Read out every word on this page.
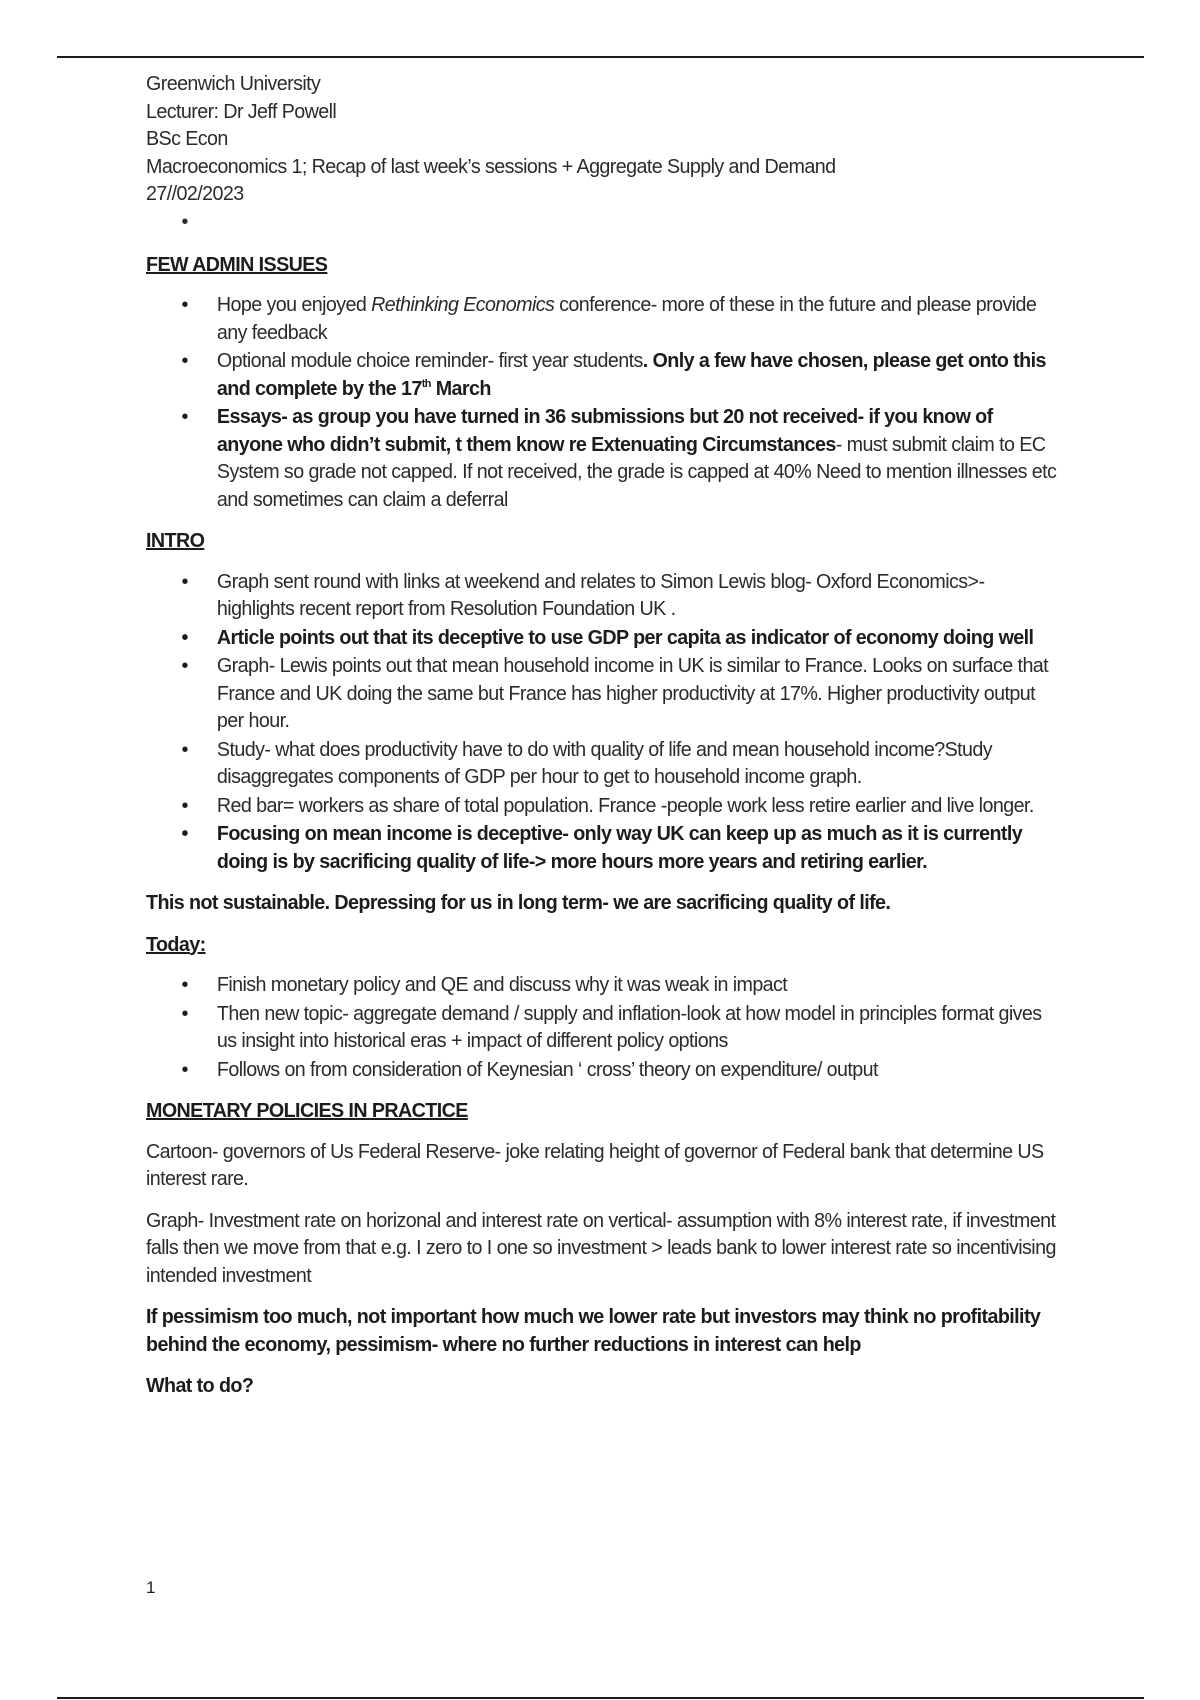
Greenwich University

Lecturer: Dr Jeff Powell

BSc Econ

Macroeconomics 1; Recap of last week’s sessions + Aggregate Supply and Demand

27//02/2023

•

FEW ADMIN ISSUES

• Hope you enjoyed Rethinking Economics conference- more of these in the future and please provide any feedback
• Optional module choice reminder- first year students. Only a few have chosen, please get onto this and complete by the 17th March
• Essays- as group you have turned in 36 submissions but 20 not received- if you know of anyone who didn’t submit, t them know re Extenuating Circumstances- must submit claim to EC System so grade not capped. If not received, the grade is capped at 40% Need to mention illnesses etc and sometimes can claim a deferral

INTRO

• Graph sent round with links at weekend and relates to Simon Lewis blog- Oxford Economics>- highlights recent report from Resolution Foundation UK .
• Article points out that its deceptive to use GDP per capita as indicator of economy doing well
• Graph- Lewis points out that mean household income in UK is similar to France. Looks on surface that France and UK doing the same but France has higher productivity at 17%. Higher productivity output per hour.
• Study- what does productivity have to do with quality of life and mean household income?Study disaggregates components of GDP per hour to get to household income graph.
• Red bar= workers as share of total population. France -people work less retire earlier and live longer.
• Focusing on mean income is deceptive- only way UK can keep up as much as it is currently doing is by sacrificing quality of life-> more hours more years and retiring earlier.

This not sustainable. Depressing for us in long term- we are sacrificing quality of life.

Today:

• Finish monetary policy and QE and discuss why it was weak in impact
• Then new topic- aggregate demand / supply and inflation-look at how model in principles format gives us insight into historical eras + impact of different policy options
• Follows on from consideration of Keynesian ‘ cross’ theory on expenditure/ output

MONETARY POLICIES IN PRACTICE

Cartoon- governors of Us Federal Reserve- joke relating height of governor of Federal bank that determine US interest rare.

Graph- Investment rate on horizonal and interest rate on vertical- assumption with 8% interest rate, if investment falls then we move from that e.g. I zero to I one so investment > leads bank to lower interest rate so incentivising intended investment

If pessimism too much, not important how much we lower rate but investors may think no profitability behind the economy, pessimism- where no further reductions in interest can help

What to do?

1
